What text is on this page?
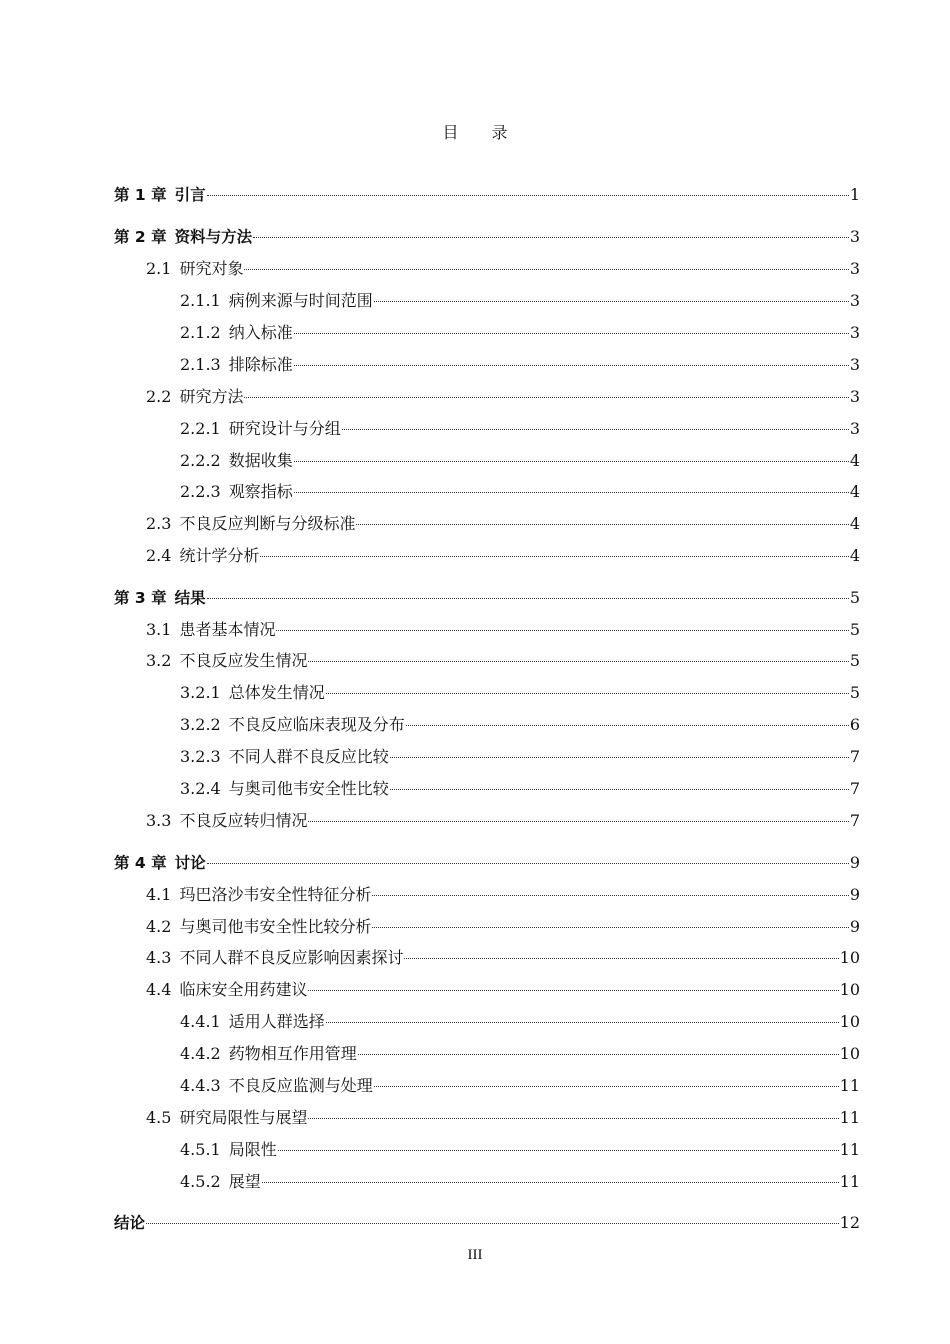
目 录
第 1 章 引言	1
第 2 章 资料与方法	3
2.1 研究对象	3
2.1.1 病例来源与时间范围	3
2.1.2 纳入标准	3
2.1.3 排除标准	3
2.2 研究方法	3
2.2.1 研究设计与分组	3
2.2.2 数据收集	4
2.2.3 观察指标	4
2.3 不良反应判断与分级标准	4
2.4 统计学分析	4
第 3 章 结果	5
3.1 患者基本情况	5
3.2 不良反应发生情况	5
3.2.1 总体发生情况	5
3.2.2 不良反应临床表现及分布	6
3.2.3 不同人群不良反应比较	7
3.2.4 与奥司他韦安全性比较	7
3.3 不良反应转归情况	7
第 4 章 讨论	9
4.1 玛巴洛沙韦安全性特征分析	9
4.2 与奥司他韦安全性比较分析	9
4.3 不同人群不良反应影响因素探讨	10
4.4 临床安全用药建议	10
4.4.1 适用人群选择	10
4.4.2 药物相互作用管理	10
4.4.3 不良反应监测与处理	11
4.5 研究局限性与展望	11
4.5.1 局限性	11
4.5.2 展望	11
结论	12
III
